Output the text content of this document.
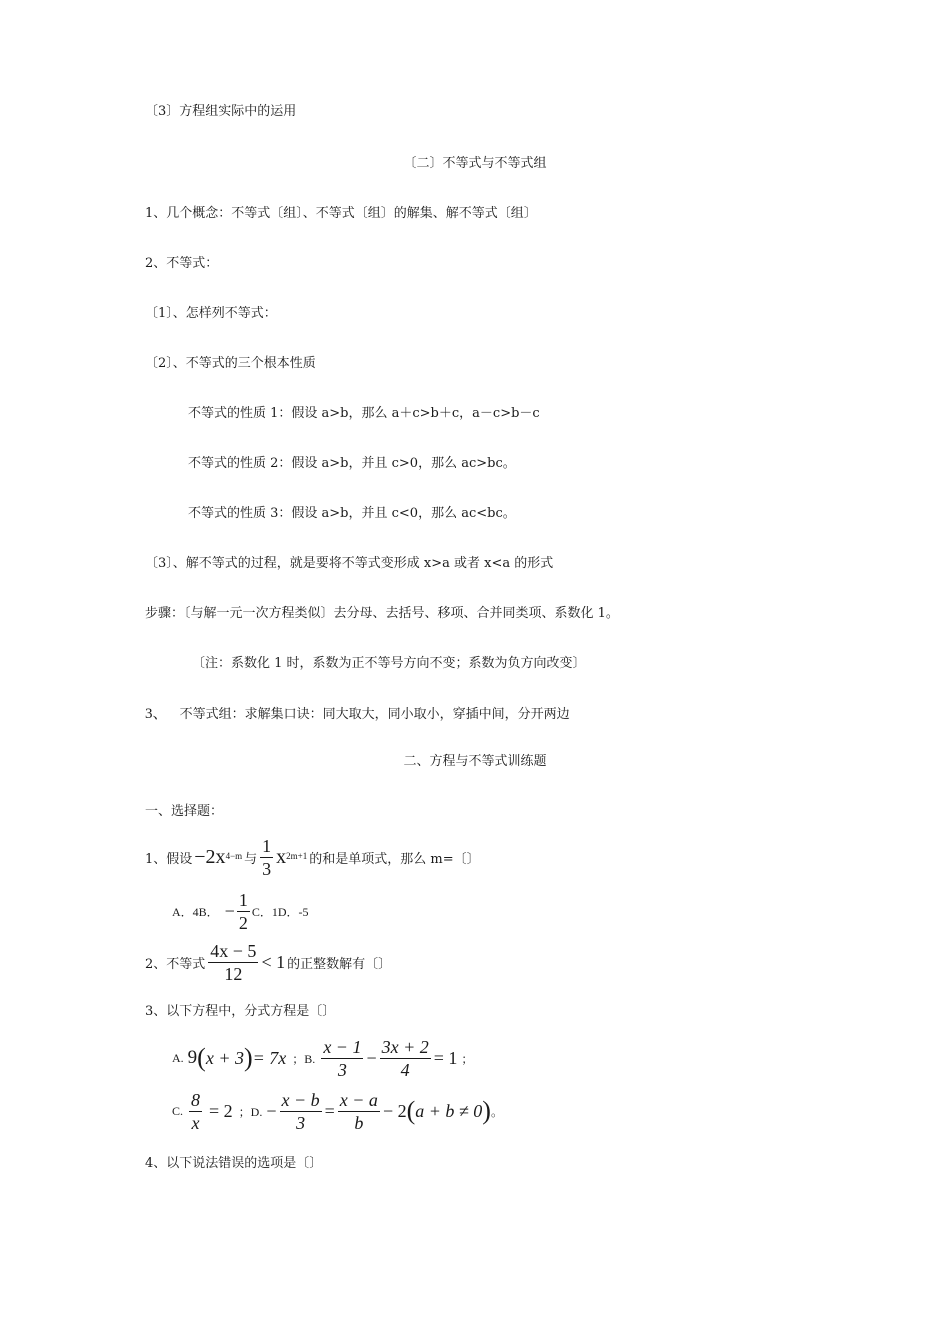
〔3〕方程组实际中的运用
〔二〕不等式与不等式组
1、几个概念：不等式〔组〕、不等式〔组〕的解集、解不等式〔组〕
2、不等式：
〔1〕、怎样列不等式：
〔2〕、不等式的三个根本性质
不等式的性质 1：假设 a>b，那么 a＋c>b＋c，a－c>b－c
不等式的性质 2：假设 a>b，并且 c>0，那么 ac>bc。
不等式的性质 3：假设 a>b，并且 c<0，那么 ac<bc。
〔3〕、解不等式的过程，就是要将不等式变形成 x>a 或者 x<a 的形式
步骤：〔与解一元一次方程类似〕去分母、去括号、移项、合并同类项、系数化 1。
〔注：系数化 1 时，系数为正不等号方向不变；系数为负方向改变〕
3、 不等式组：求解集口诀：同大取大，同小取小，穿插中间，分开两边
二、方程与不等式训练题
一、选择题：
1、假设 −2x 4−m 与 $\frac{1}{3}$ x 2m+1 的和是单项式，那么 m=〔〕
A．4B． − $\frac{1}{2}$ C．1D．-5
2、不等式 $\frac{4x - 5}{12} < 1$ 的正整数解有〔〕
3、以下方程中，分式方程是〔〕
A. 9 ( x + 3 ) = 7x ；B. $\frac{x - 1}{3} - \frac{3x + 2}{4} = 1$ ；
C. $\frac{8}{x} = 2$ ；D. − $\frac{x - b}{3} = \frac{x - a}{b} - 2$ ( a + b ≠ 0 ) 。
4、以下说法错误的选项是〔〕
